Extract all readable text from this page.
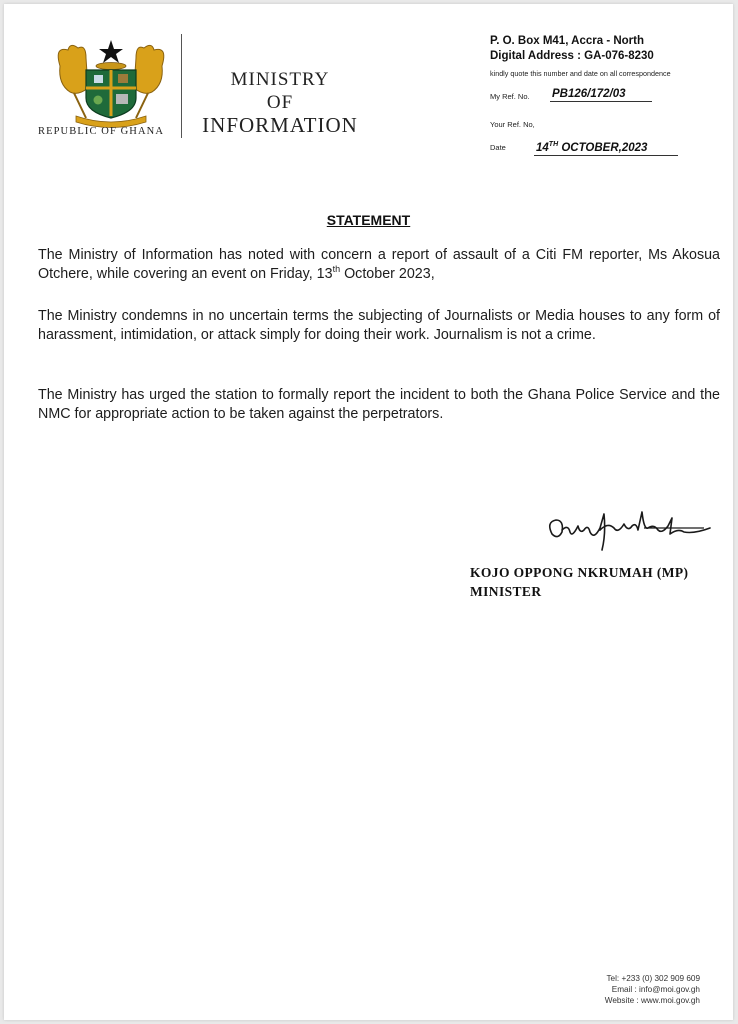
REPUBLIC OF GHANA
MINISTRY
OF
INFORMATION
P. O. Box M41, Accra - North
Digital Address : GA-076-8230
kindly quote this number and date on all correspondence
My Ref. No. PB126/172/03
Your Ref. No,
Date	14TH OCTOBER,2023
STATEMENT
The Ministry of Information has noted with concern a report of assault of a Citi FM reporter, Ms Akosua Otchere, while covering an event on Friday, 13th October 2023,
The Ministry condemns in no uncertain terms the subjecting of Journalists or Media houses to any form of harassment, intimidation, or attack simply for doing their work. Journalism is not a crime.
The Ministry has urged the station to formally report the incident to both the Ghana Police Service and the NMC for appropriate action to be taken against the perpetrators.
KOJO OPPONG NKRUMAH (MP)
MINISTER
Tel: +233 (0) 302 909 609
Email : info@moi.gov.gh
Website : www.moi.gov.gh
